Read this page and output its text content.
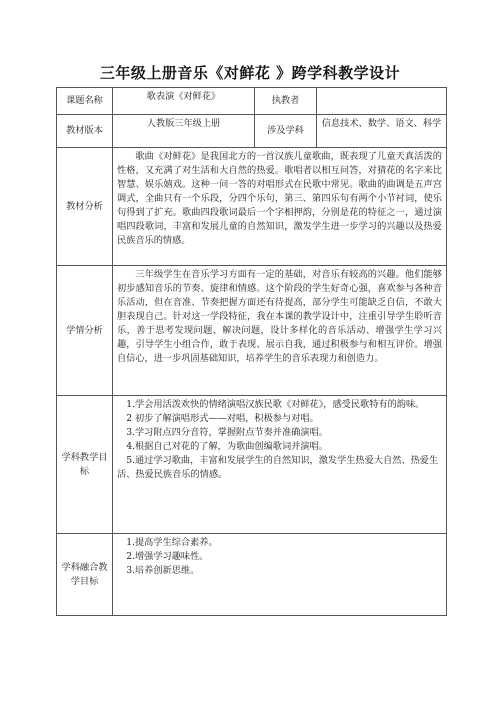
三年级上册音乐《对鲜花 》跨学科教学设计
课题名称	歌表演《对鲜花》	执教者	
教材版本	人教版三年级上册	涉及学科	信息技术、数学、语文、科学
教材分析	歌曲《对鲜花》是我国北方的一首汉族儿童歌曲，既表现了儿童天真活泼的性格，又充满了对生活和大自然的热爱。歌唱者以相互问答，对猜花的名字来比智慧、娱乐嬉戏。这种一问一答的对唱形式在民歌中常见。歌曲的曲调是五声宫调式，全曲只有一个乐段，分四个乐句，第三、第四乐句有两个小节衬词，使乐句得到了扩充。歌曲四段歌词最后一个字相押韵，分别是花的特征之一，通过演唱四段歌词，丰富和发展儿童的自然知识，激发学生进一步学习的兴趣以及热爱民族音乐的情感。		
学情分析	三年级学生在音乐学习方面有一定的基础，对音乐有较高的兴趣。他们能够初步感知音乐的节奏、旋律和情感。这个阶段的学生好奇心强，喜欢参与各种音乐活动，但在音准、节奏把握方面还有待提高，部分学生可能缺乏自信，不敢大胆表现自己。针对这一学段特征，我在本课的教学设计中，注重引导学生聆听音乐，善于思考发现问题、解决问题，设计多样化的音乐活动、增强学生学习兴趣，引导学生小组合作，敢于表现、展示自我，通过积极参与和相互评价。增强自信心，进一步巩固基础知识，培养学生的音乐表现力和创造力。		
学科教学目标	1.学会用活泼欢快的情绪演唱汉族民歌《对鲜花》，感受民歌特有的韵味。
2 初步了解演唱形式——对唱，积极参与对唱。
3.学习附点四分音符，掌握附点节奏并准确演唱。
4.根据自己对花的了解，为歌曲创编歌词并演唱。
5.通过学习歌曲，丰富和发展学生的自然知识，激发学生热爱大自然、热爱生活、热爱民族音乐的情感。		

学科融合教学目标	1.提高学生综合素养。
2.增强学习趣味性。
3.培养创新思维。		
